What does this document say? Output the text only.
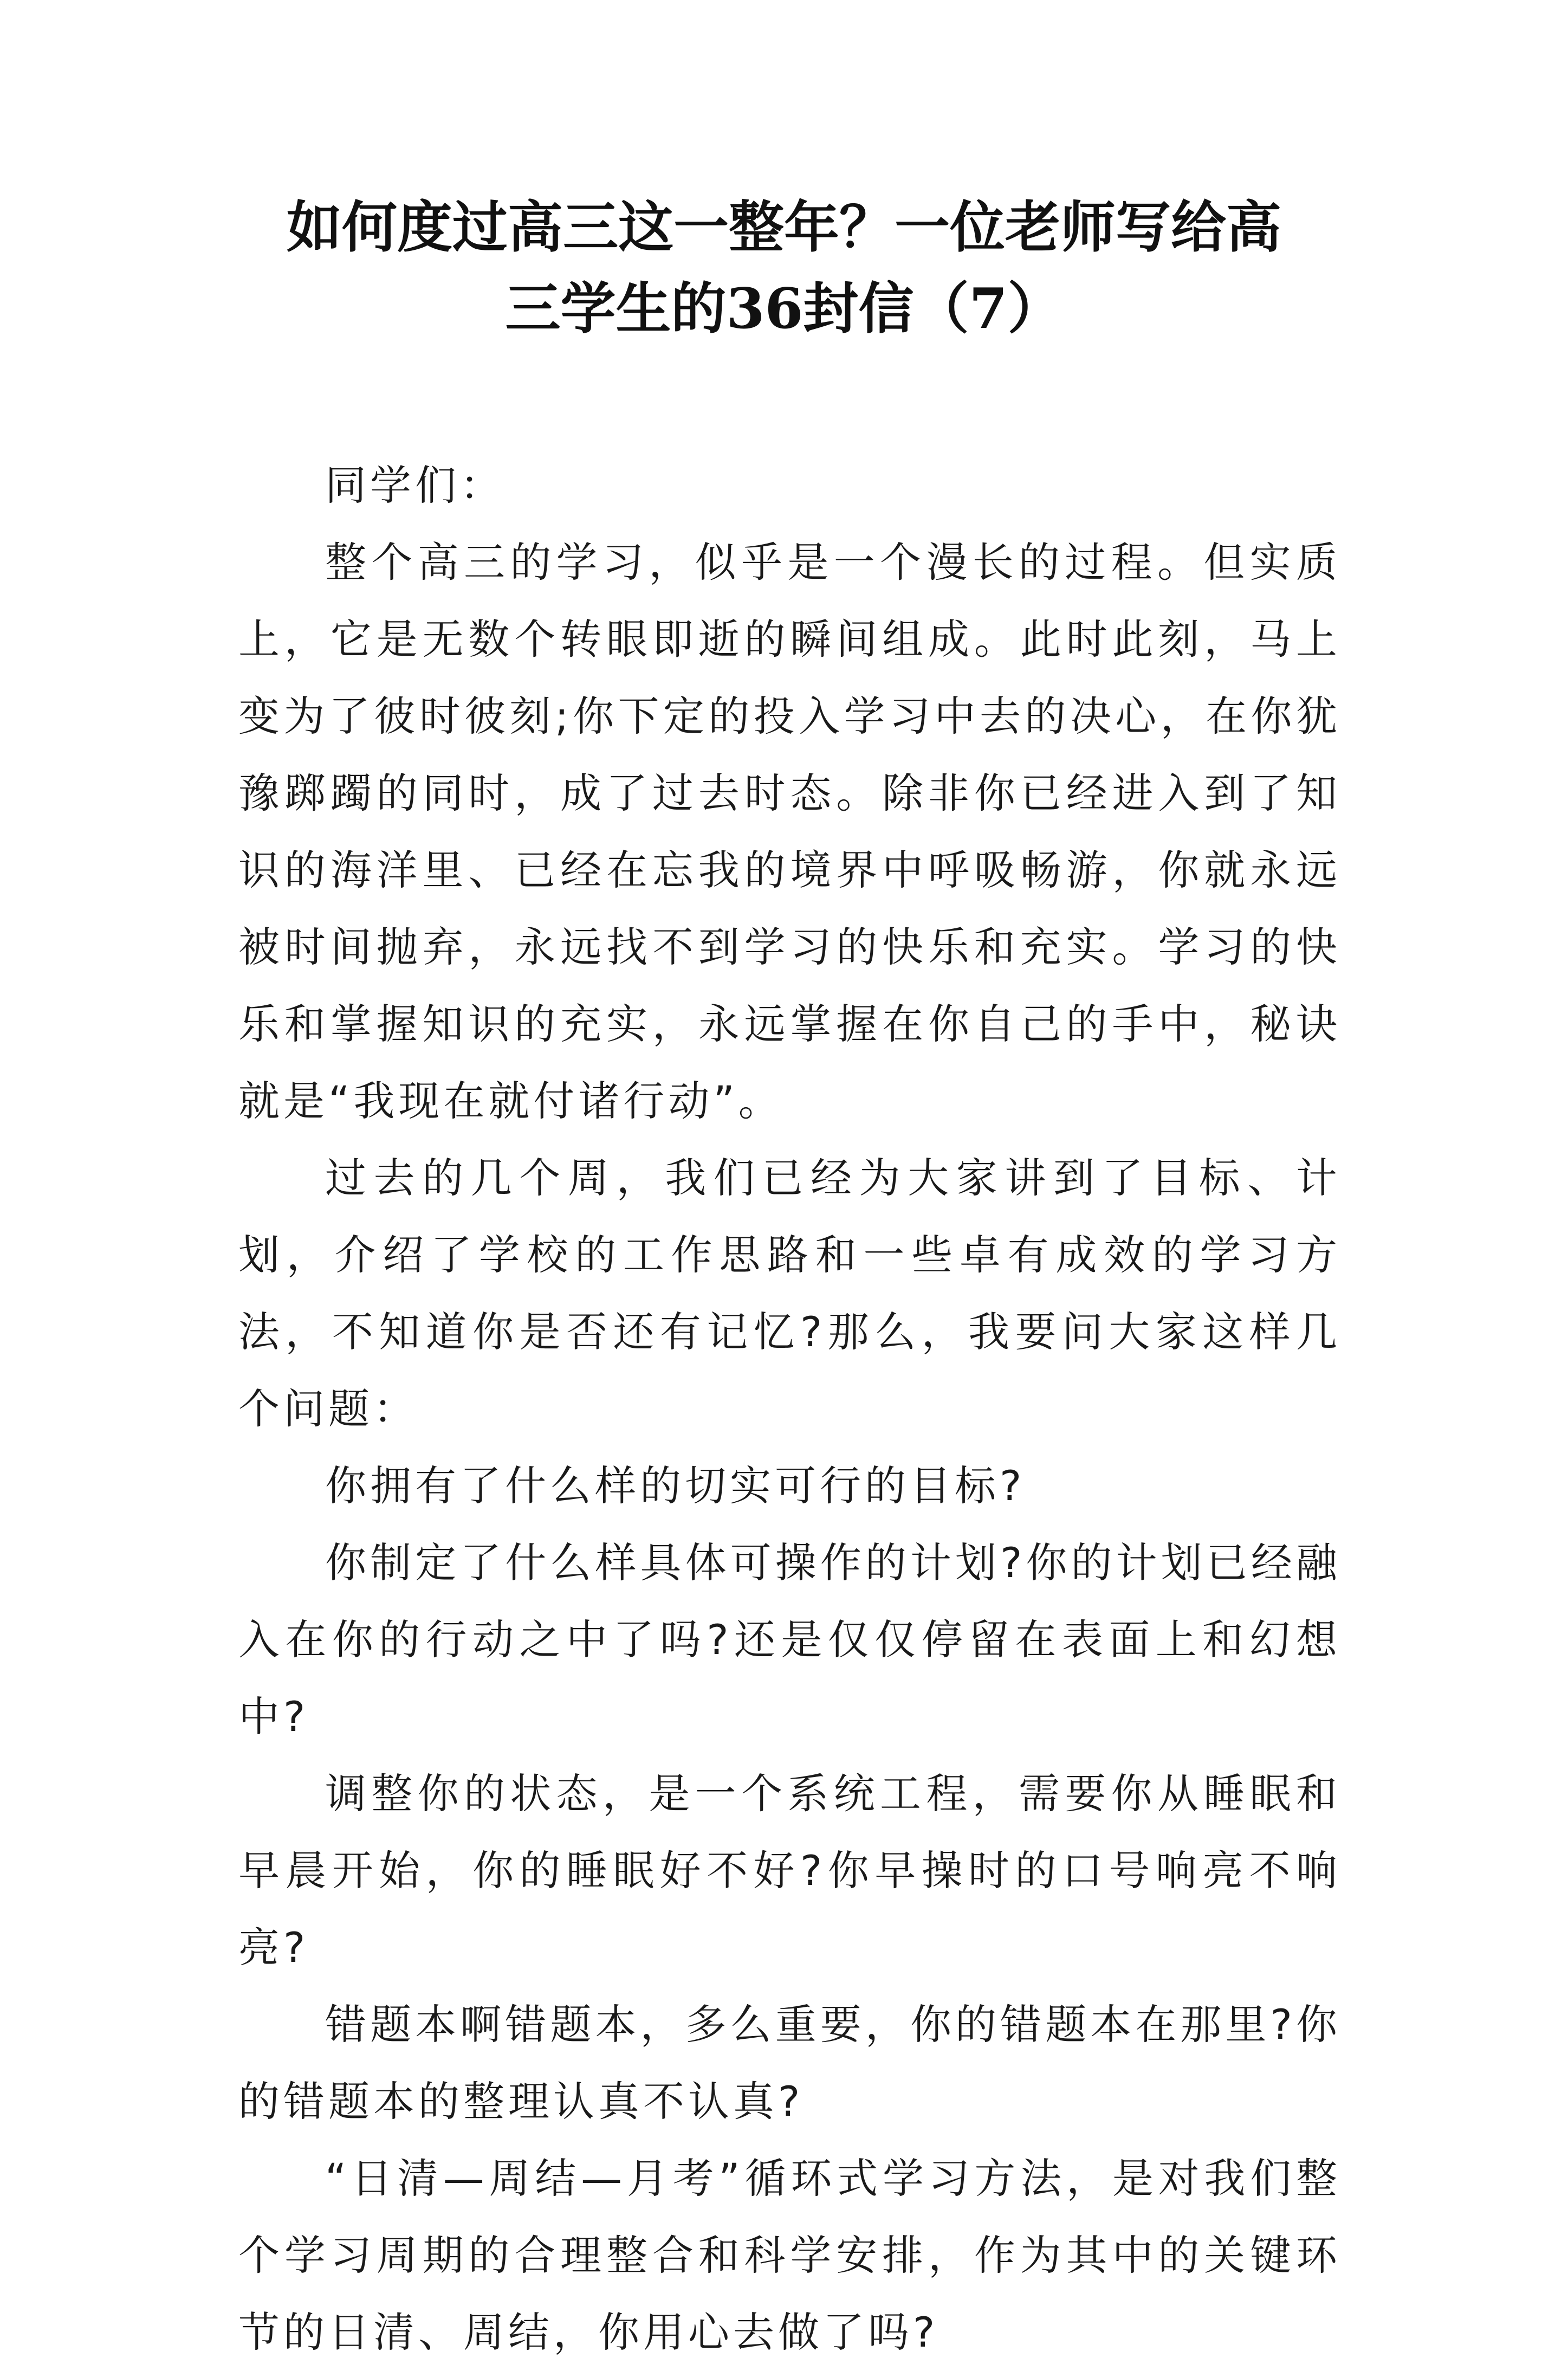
如何度过高三这一整年？一位老师写给高
三学生的36封信（7）

同学们：

整个高三的学习，似乎是一个漫长的过程。但实质上，它是无数个转眼即逝的瞬间组成。此时此刻，马上变为了彼时彼刻;你下定的投入学习中去的决心，在你犹豫踯躅的同时，成了过去时态。除非你已经进入到了知识的海洋里、已经在忘我的境界中呼吸畅游，你就永远被时间抛弃，永远找不到学习的快乐和充实。学习的快乐和掌握知识的充实，永远掌握在你自己的手中，秘诀就是“我现在就付诸行动”。

过去的几个周，我们已经为大家讲到了目标、计划，介绍了学校的工作思路和一些卓有成效的学习方法，不知道你是否还有记忆?那么，我要问大家这样几个问题：

你拥有了什么样的切实可行的目标?

你制定了什么样具体可操作的计划?你的计划已经融入在你的行动之中了吗?还是仅仅停留在表面上和幻想中?

调整你的状态，是一个系统工程，需要你从睡眠和早晨开始，你的睡眠好不好?你早操时的口号响亮不响亮?

错题本啊错题本，多么重要，你的错题本在那里?你的错题本的整理认真不认真?

“日清—周结—月考”循环式学习方法，是对我们整个学习周期的合理整合和科学安排，作为其中的关键环节的日清、周结，你用心去做了吗?
